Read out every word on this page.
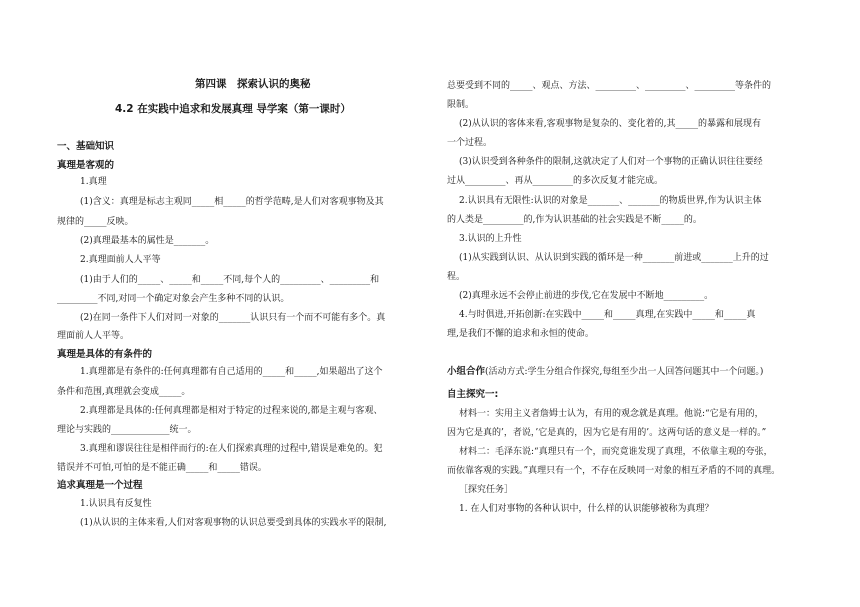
第四课　探索认识的奥秘
4.2 在实践中追求和发展真理 导学案（第一课时）
一、基础知识
真理是客观的
1.真理
(1)含义：真理是标志主观同_____相_____的哲学范畴,是人们对客观事物及其
规律的_____反映。
(2)真理最基本的属性是_______。
2.真理面前人人平等
(1)由于人们的_____、_____和_____不同,每个人的_________、_________和
_________不同,对同一个确定对象会产生多种不同的认识。
(2)在同一条件下人们对同一对象的_______认识只有一个而不可能有多个。真
理面前人人平等。
真理是具体的有条件的
1.真理都是有条件的:任何真理都有自己适用的_____和_____,如果超出了这个
条件和范围,真理就会变成_____。
2.真理都是具体的:任何真理都是相对于特定的过程来说的,都是主观与客观、
理论与实践的_____________统一。
3.真理和谬误往往是相伴而行的:在人们探索真理的过程中,错误是难免的。犯
错误并不可怕,可怕的是不能正确_____和_____错误。
追求真理是一个过程
1.认识具有反复性
(1)从认识的主体来看,人们对客观事物的认识总要受到具体的实践水平的限制,
总要受到不同的_____、观点、方法、_________、_________、_________等条件的
限制。
(2)从认识的客体来看,客观事物是复杂的、变化着的,其_____的暴露和展现有
一个过程。
(3)认识受到各种条件的限制,这就决定了人们对一个事物的正确认识往往要经
过从_________、再从_________的多次反复才能完成。
2.认识具有无限性:认识的对象是_______、_______的物质世界,作为认识主体
的人类是_________的,作为认识基础的社会实践是不断_____的。
3.认识的上升性
(1)从实践到认识、从认识到实践的循环是一种_______前进或_______上升的过
程。
(2)真理永远不会停止前进的步伐,它在发展中不断地_________。
4.与时俱进,开拓创新:在实践中_____和_____真理,在实践中_____和_____真
理,是我们不懈的追求和永恒的使命。
小组合作(活动方式:学生分组合作探究,每组至少出一人回答问题其中一个问题。)
自主探究一:
材料一：实用主义者詹姆士认为，有用的观念就是真理。他说:“它是有用的，
因为它是真的’，者说，’它是真的，因为它是有用的’。这两句话的意义是一样的。”
材料二：毛泽东说:“真理只有一个，而究竟谁发现了真理，不依靠主观的夸张，
而依靠客观的实践。”真理只有一个，不存在反映同一对象的相互矛盾的不同的真理。
［探究任务］
1. 在人们对事物的各种认识中，什么样的认识能够被称为真理？
